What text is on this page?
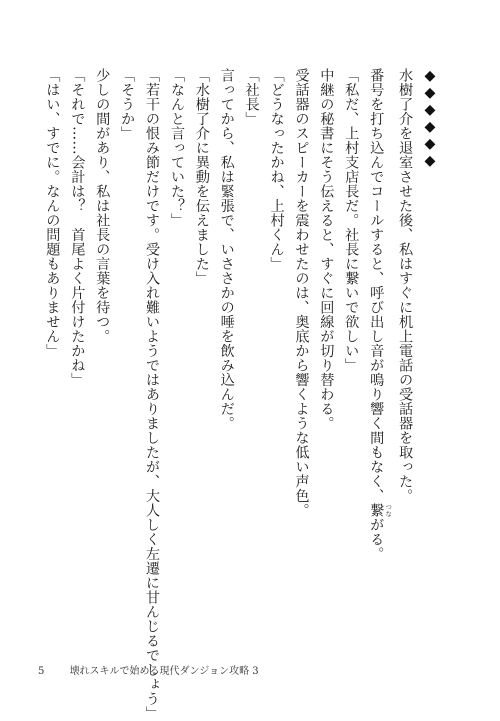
◆◆◆◆◆◆
水樹了介を退室させた後、私はすぐに机上電話の受話器を取った。
番号を打ち込んでコールすると、呼び出し音が鳴り響く間もなく、繋 つながる。
「私だ、上村支店長だ。社長に繋いで欲しい」
中継の秘書にそう伝えると、すぐに回線が切り替わる。
受話器のスピーカーを震わせたのは、奥底から響くような低い声色。
「どうなったかね、上村くん」
「社長」
言ってから、私は緊張で、いささかの唾を飲み込んだ。
「水樹了介に異動を伝えました」
「なんと言っていた？」
「若干の恨み節だけです。受け入れ難いようではありましたが、大人しく左遷に甘んじるでしょう」
「そうか」
少しの間があり、私は社長の言葉を待つ。
「それで……会計は？　首尾よく片付けたかね」
「はい、すでに。なんの問題もありません」
5	壊れスキルで始める現代ダンジョン攻略 3
